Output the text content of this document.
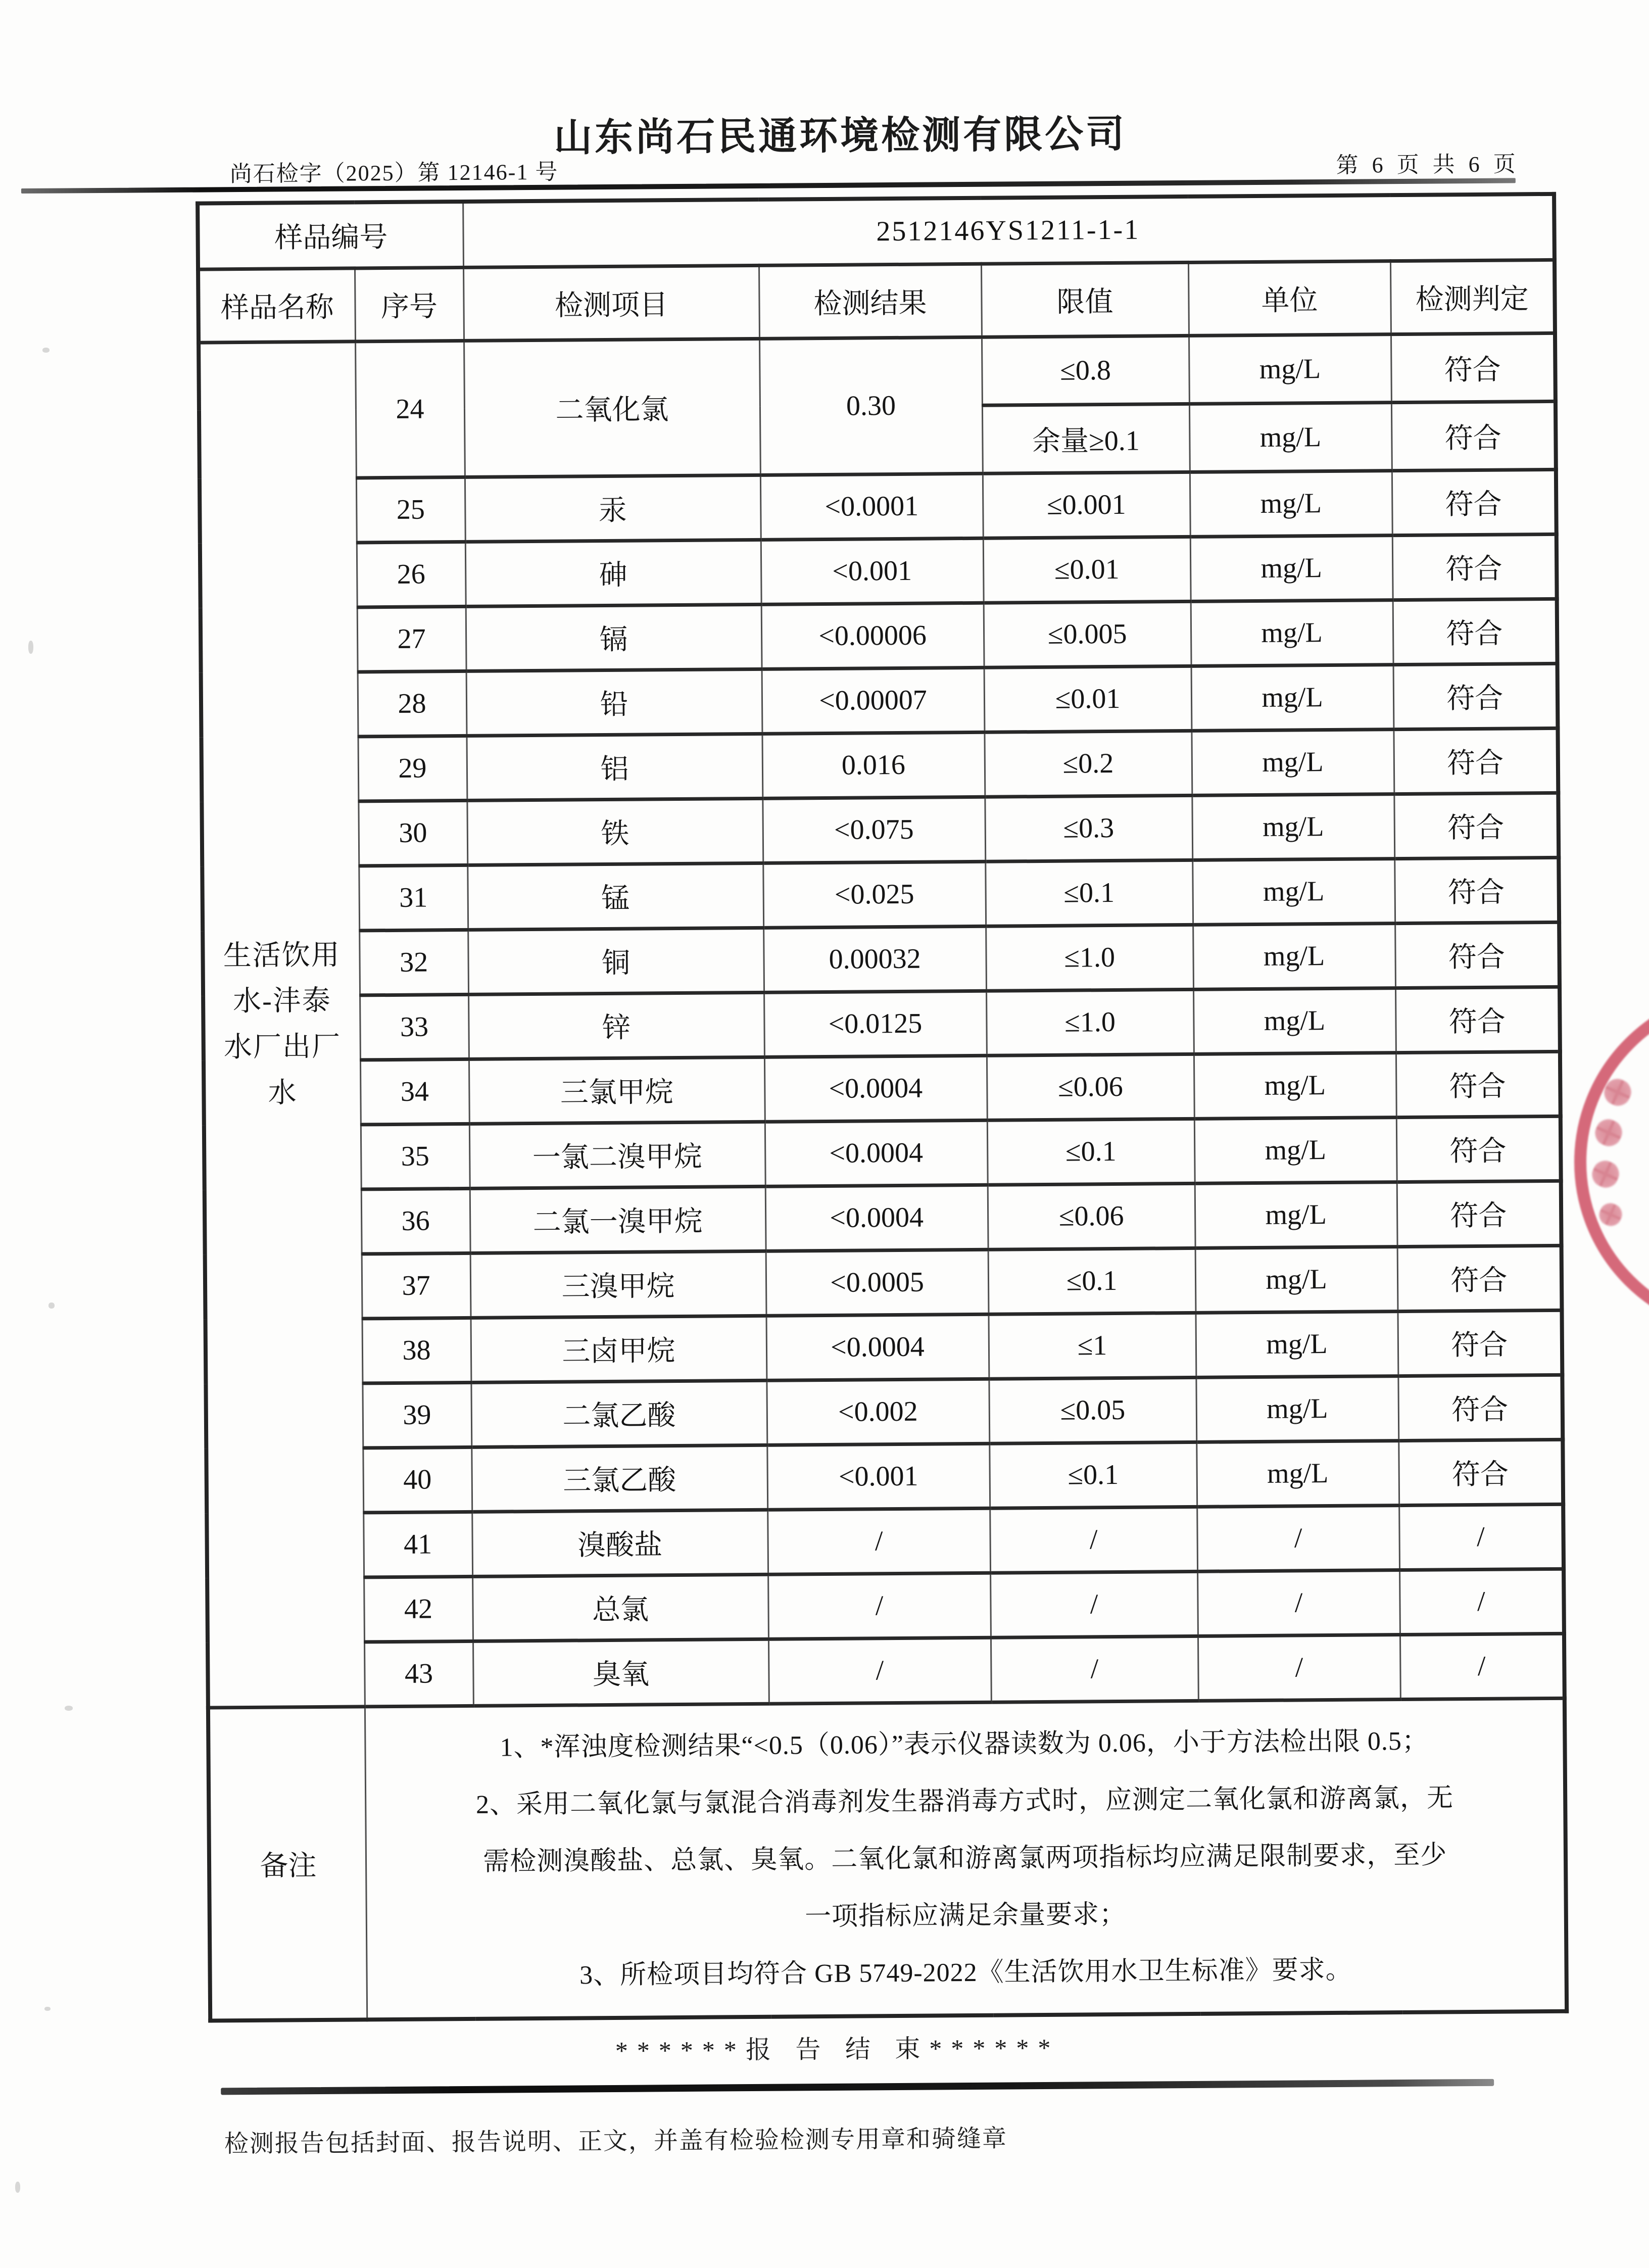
山东尚石民通环境检测有限公司
尚石检字（2025）第 12146-1 号	第 6 页 共 6 页
样品编号		2512146YS1211-1-1				
样品名称	序号	检测项目	检测结果	限值	单位	检测判定

生活饮用
水-沣泰
水厂出厂
水	24	二氧化氯	0.30	≤0.8	mg/L	符合
				余量≥0.1	mg/L	符合
	25	汞	<0.0001	≤0.001	mg/L	符合
	26	砷	<0.001	≤0.01	mg/L	符合
	27	镉	<0.00006	≤0.005	mg/L	符合
	28	铅	<0.00007	≤0.01	mg/L	符合
	29	铝	0.016	≤0.2	mg/L	符合
	30	铁	<0.075	≤0.3	mg/L	符合
	31	锰	<0.025	≤0.1	mg/L	符合
	32	铜	0.00032	≤1.0	mg/L	符合
	33	锌	<0.0125	≤1.0	mg/L	符合
	34	三氯甲烷	<0.0004	≤0.06	mg/L	符合
	35	一氯二溴甲烷	<0.0004	≤0.1	mg/L	符合
	36	二氯一溴甲烷	<0.0004	≤0.06	mg/L	符合
	37	三溴甲烷	<0.0005	≤0.1	mg/L	符合
	38	三卤甲烷	<0.0004	≤1	mg/L	符合
	39	二氯乙酸	<0.002	≤0.05	mg/L	符合
	40	三氯乙酸	<0.001	≤0.1	mg/L	符合
	41	溴酸盐	/	/	/	/
	42	总氯	/	/	/	/
	43	臭氧	/	/	/	/
备注	1、*浑浊度检测结果“<0.5（0.06）”表示仪器读数为 0.06，小于方法检出限 0.5；
2、采用二氧化氯与氯混合消毒剂发生器消毒方式时，应测定二氧化氯和游离氯，无
需检测溴酸盐、总氯、臭氧。二氧化氯和游离氯两项指标均应满足限制要求，至少
一项指标应满足余量要求；
3、所检项目均符合 GB 5749-2022《生活饮用水卫生标准》要求。					
******报 告 结 束******
检测报告包括封面、报告说明、正文，并盖有检验检测专用章和骑缝章
